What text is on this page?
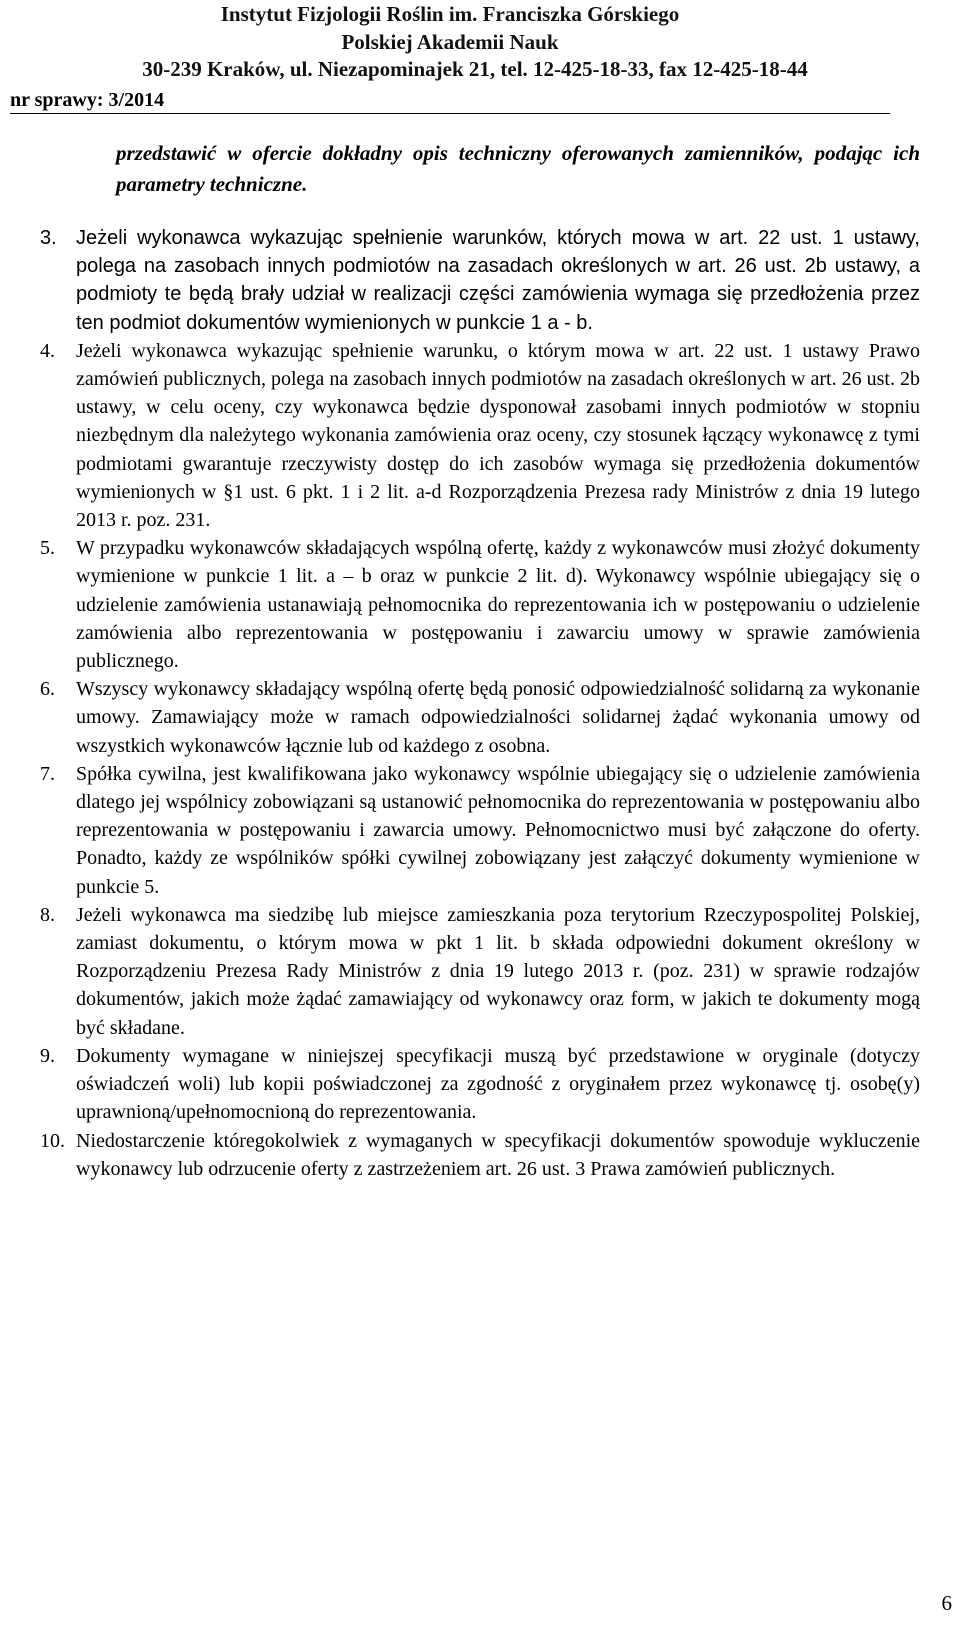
Instytut Fizjologii Roślin im. Franciszka Górskiego
Polskiej Akademii Nauk
30-239 Kraków, ul. Niezapominajek 21, tel. 12-425-18-33, fax 12-425-18-44
nr sprawy: 3/2014
przedstawić w ofercie dokładny opis techniczny oferowanych zamienników, podając ich parametry techniczne.
3. Jeżeli wykonawca wykazując spełnienie warunków, których mowa w art. 22 ust. 1 ustawy, polega na zasobach innych podmiotów na zasadach określonych w art. 26 ust. 2b ustawy, a podmioty te będą brały udział w realizacji części zamówienia wymaga się przedłożenia przez ten podmiot dokumentów wymienionych w punkcie 1 a - b.
4. Jeżeli wykonawca wykazując spełnienie warunku, o którym mowa w art. 22 ust. 1 ustawy Prawo zamówień publicznych, polega na zasobach innych podmiotów na zasadach określonych w art. 26 ust. 2b ustawy, w celu oceny, czy wykonawca będzie dysponował zasobami innych podmiotów w stopniu niezbędnym dla należytego wykonania zamówienia oraz oceny, czy stosunek łączący wykonawcę z tymi podmiotami gwarantuje rzeczywisty dostęp do ich zasobów wymaga się przedłożenia dokumentów wymienionych w §1 ust. 6 pkt. 1 i 2 lit. a-d Rozporządzenia Prezesa rady Ministrów z dnia 19 lutego 2013 r. poz. 231.
5. W przypadku wykonawców składających wspólną ofertę, każdy z wykonawców musi złożyć dokumenty wymienione w punkcie 1 lit. a – b oraz w punkcie 2 lit. d). Wykonawcy wspólnie ubiegający się o udzielenie zamówienia ustanawiają pełnomocnika do reprezentowania ich w postępowaniu o udzielenie zamówienia albo reprezentowania w postępowaniu i zawarciu umowy w sprawie zamówienia publicznego.
6. Wszyscy wykonawcy składający wspólną ofertę będą ponosić odpowiedzialność solidarną za wykonanie umowy. Zamawiający może w ramach odpowiedzialności solidarnej żądać wykonania umowy od wszystkich wykonawców łącznie lub od każdego z osobna.
7. Spółka cywilna, jest kwalifikowana jako wykonawcy wspólnie ubiegający się o udzielenie zamówienia dlatego jej wspólnicy zobowiązani są ustanowić pełnomocnika do reprezentowania w postępowaniu albo reprezentowania w postępowaniu i zawarcia umowy. Pełnomocnictwo musi być załączone do oferty. Ponadto, każdy ze wspólników spółki cywilnej zobowiązany jest załączyć dokumenty wymienione w punkcie 5.
8. Jeżeli wykonawca ma siedzibę lub miejsce zamieszkania poza terytorium Rzeczypospolitej Polskiej, zamiast dokumentu, o którym mowa w pkt 1 lit. b składa odpowiedni dokument określony w Rozporządzeniu Prezesa Rady Ministrów z dnia 19 lutego 2013 r. (poz. 231) w sprawie rodzajów dokumentów, jakich może żądać zamawiający od wykonawcy oraz form, w jakich te dokumenty mogą być składane.
9. Dokumenty wymagane w niniejszej specyfikacji muszą być przedstawione w oryginale (dotyczy oświadczeń woli) lub kopii poświadczonej za zgodność z oryginałem przez wykonawcę tj. osobę(y) uprawnioną/upełnomocnioną do reprezentowania.
10. Niedostarczenie któregokolwiek z wymaganych w specyfikacji dokumentów spowoduje wykluczenie wykonawcy lub odrzucenie oferty z zastrzeżeniem art. 26 ust. 3 Prawa zamówień publicznych.
6
